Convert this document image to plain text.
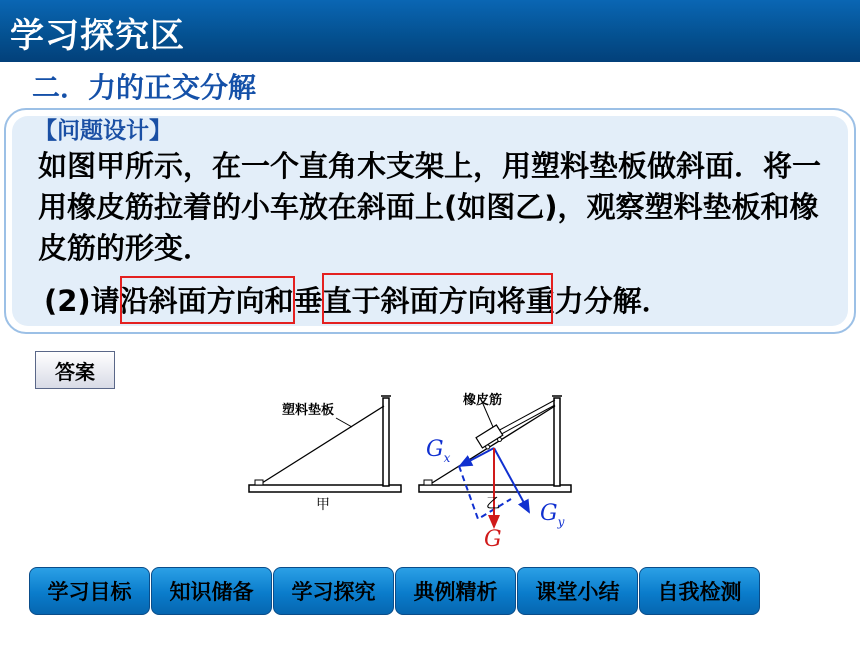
学习探究区
二．力的正交分解
【问题设计】
如图甲所示，在一个直角木支架上，用塑料垫板做斜面．将一用橡皮筋拉着的小车放在斜面上(如图乙)，观察塑料垫板和橡皮筋的形变．
(2)请沿斜面方向和垂直于斜面方向将重力分解．
答案
塑料垫板
甲
橡皮筋
乙
$G_x$
$G_y$
G
学习目标	知识储备	学习探究	典例精析	课堂小结	自我检测
